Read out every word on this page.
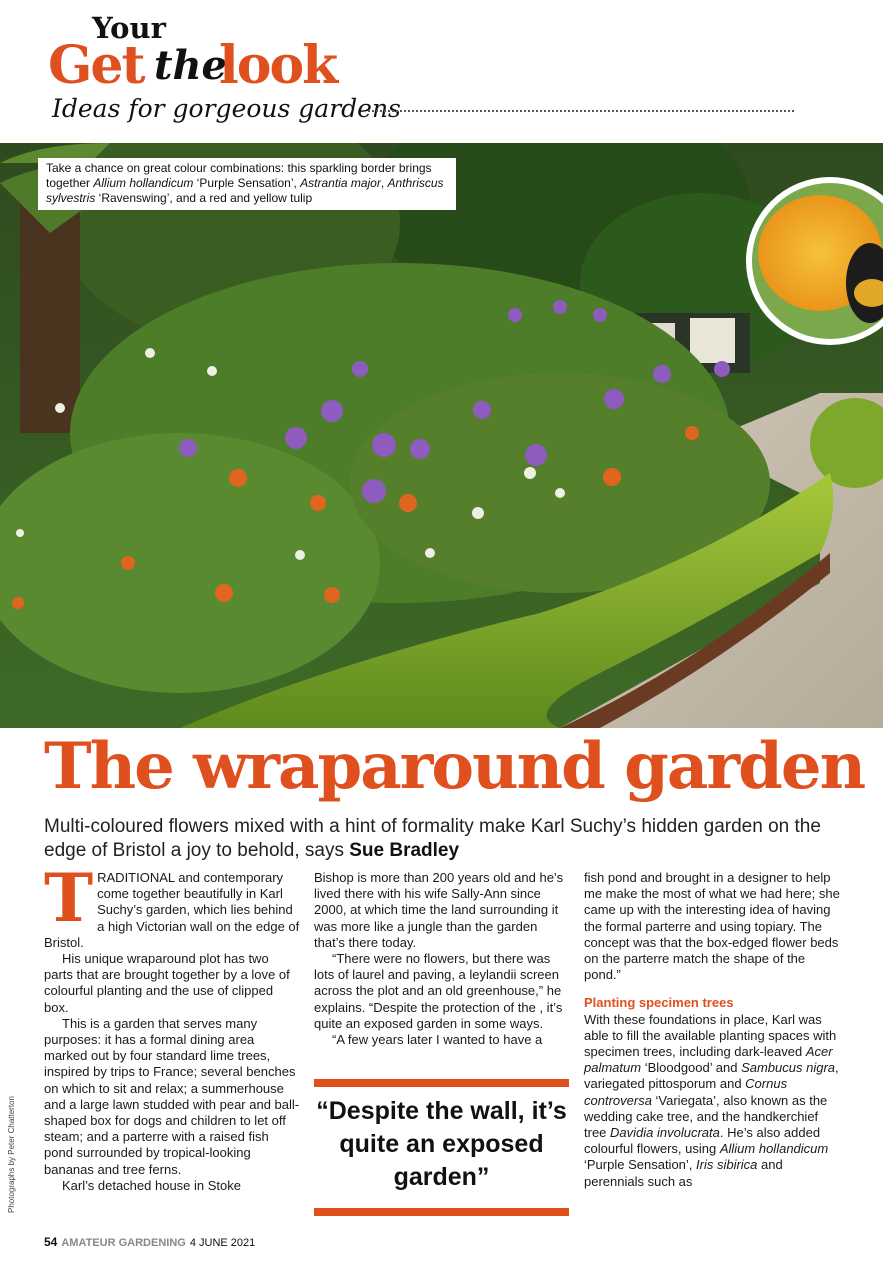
Your
Get the
look
Ideas for gorgeous gardens
Take a chance on great colour combinations: this sparkling border brings together Allium hollandicum ‘Purple Sensation’, Astrantia major, Anthriscus sylvestris ‘Ravenswing’, and a red and yellow tulip
The wraparound garden
Multi-coloured flowers mixed with a hint of formality make Karl Suchy’s hidden garden on the edge of Bristol a joy to behold, says Sue Bradley
T RADITIONAL and contemporary come together beautifully in Karl Suchy’s garden, which lies behind a high Victorian wall on the edge of Bristol.

His unique wraparound plot has two parts that are brought together by a love of colourful planting and the use of clipped box.

This is a garden that serves many purposes: it has a formal dining area marked out by four standard lime trees, inspired by trips to France; several benches on which to sit and relax; a summerhouse and a large lawn studded with pear and ball-shaped box for dogs and children to let off steam; and a parterre with a raised fish pond surrounded by tropical-looking bananas and tree ferns.

Karl’s detached house in Stoke

Bishop is more than 200 years old and he’s lived there with his wife Sally-Ann since 2000, at which time the land surrounding it was more like a jungle than the garden that’s there today.

“There were no flowers, but there was lots of laurel and paving, a leylandii screen across the plot and an old greenhouse,” he explains. “Despite the protection of the , it’s quite an exposed garden in some ways.

“A few years later I wanted to have a

“Despite the wall, it’s quite an exposed garden”

fish pond and brought in a designer to help me make the most of what we had here; she came up with the interesting idea of having the formal parterre and using topiary. The concept was that the box-edged flower beds on the parterre match the shape of the pond.”

Planting specimen trees

With these foundations in place, Karl was able to fill the available planting spaces with specimen trees, including dark-leaved Acer palmatum ‘Bloodgood’ and Sambucus nigra, variegated pittosporum and Cornus controversa ‘Variegata’, also known as the wedding cake tree, and the handkerchief tree Davidia involucrata. He’s also added colourful flowers, using Allium hollandicum ‘Purple Sensation’, Iris sibirica and perennials such as

Photographs by Peter Chatterton
54 AMATEUR GARDENING 4 JUNE 2021
